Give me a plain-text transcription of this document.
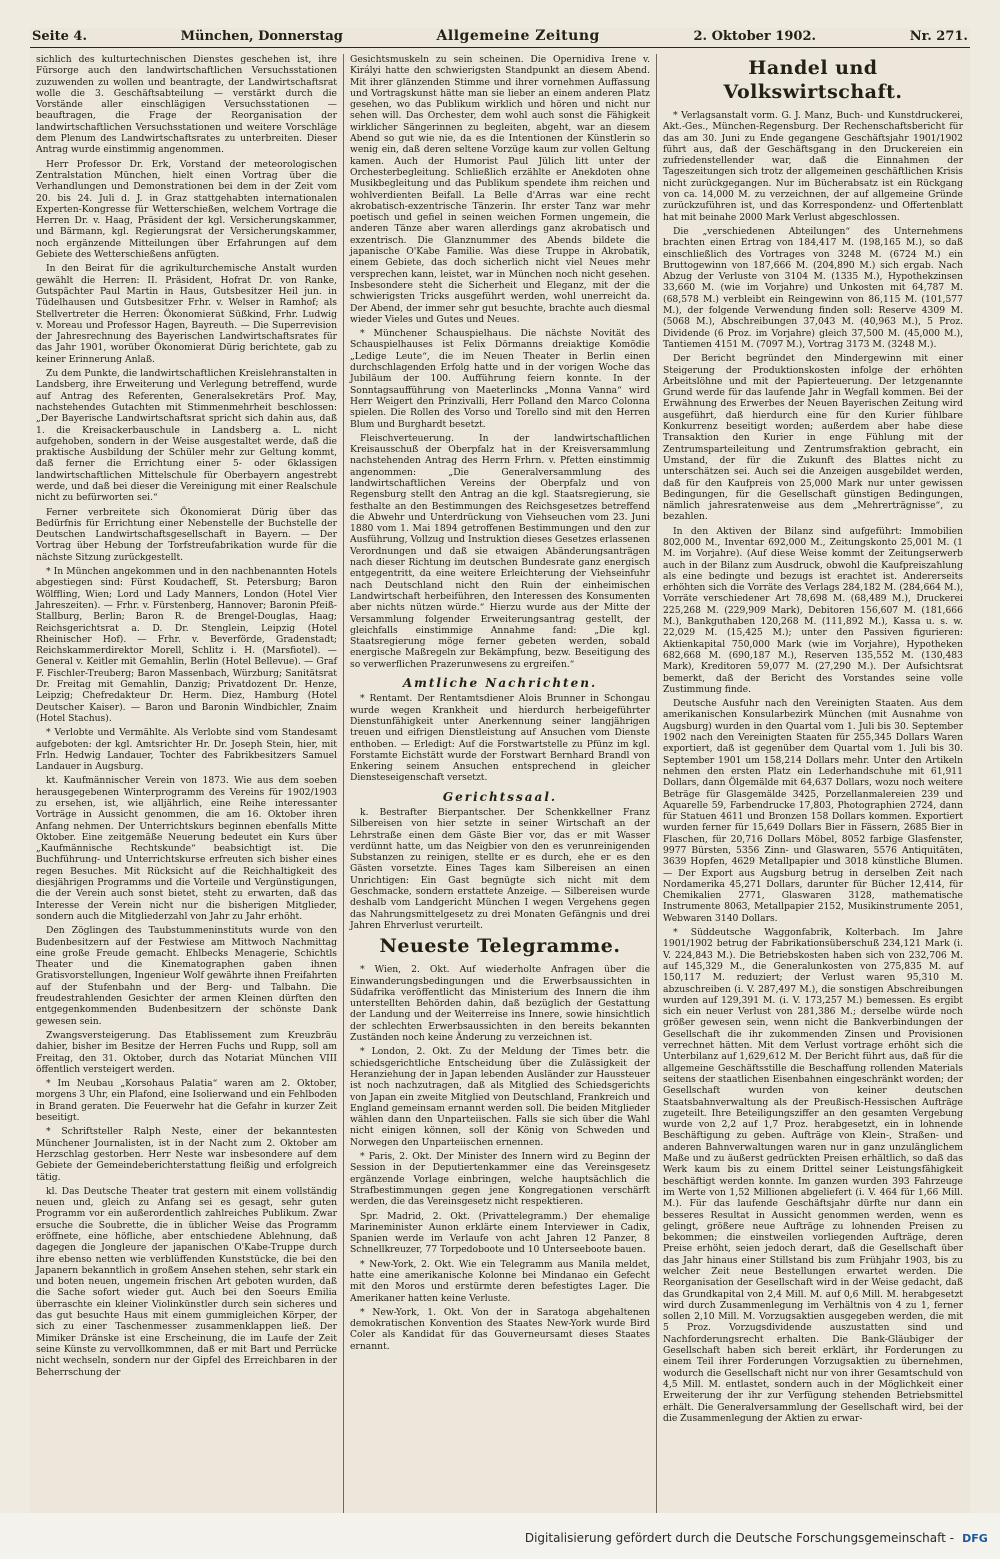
Seite 4.	München, Donnerstag	Allgemeine Zeitung	2. Oktober 1902.	Nr. 271.

sichlich des kulturtechnischen Dienstes geschehen ist, ihre Fürsorge auch den landwirtschaftlichen Versuchsstationen zuzuwenden zu wollen und beantragte, der Landwirtschaftsrat wolle die 3. Geschäftsabteilung — verstärkt durch die Vorstände aller einschlägigen Versuchsstationen — beauftragen, die Frage der Reorganisation der landwirtschaftlichen Versuchsstationen und weitere Vorschläge dem Plenum des Landwirtschaftsrates zu unterbreiten. Dieser Antrag wurde einstimmig angenommen.

Herr Professor Dr. Erk, Vorstand der meteorologischen Zentralstation München, hielt einen Vortrag über die Verhandlungen und Demonstrationen bei dem in der Zeit vom 20. bis 24. Juli d. J. in Graz stattgehabten internationalen Experten-Kongresse für Wetterschießen, welchem Vortrage die Herren Dr. v. Haag, Präsident der kgl. Versicherungskammer, und Bärmann, kgl. Regierungsrat der Versicherungskammer, noch ergänzende Mitteilungen über Erfahrungen auf dem Gebiete des Wetterschießens anfügten.

In den Beirat für die agrikulturchemische Anstalt wurden gewählt die Herren: II. Präsident, Hofrat Dr. von Ranke, Gutspächter Paul Martin in Haus, Gutsbesitzer Heil jun. in Tüdelhausen und Gutsbesitzer Frhr. v. Welser in Ramhof; als Stellvertreter die Herren: Ökonomierat Süßkind, Frhr. Ludwig v. Moreau und Professor Hagen, Bayreuth. — Die Superrevision der Jahresrechnung des Bayerischen Landwirtschaftsrates für das Jahr 1901, worüber Ökonomierat Dürig berichtete, gab zu keiner Erinnerung Anlaß.

Zu dem Punkte, die landwirtschaftlichen Kreislehranstalten in Landsberg, ihre Erweiterung und Verlegung betreffend, wurde auf Antrag des Referenten, Generalsekretärs Prof. May, nachstehendes Gutachten mit Stimmenmehrheit beschlossen: „Der Bayerische Landwirtschaftsrat spricht sich dahin aus, daß 1. die Kreisackerbauschule in Landsberg a. L. nicht aufgehoben, sondern in der Weise ausgestaltet werde, daß die praktische Ausbildung der Schüler mehr zur Geltung kommt, daß ferner die Errichtung einer 5- oder 6klassigen landwirtschaftlichen Mittelschule für Oberbayern angestrebt werde, und daß bei dieser die Vereinigung mit einer Realschule nicht zu befürworten sei.“

Ferner verbreitete sich Ökonomierat Dürig über das Bedürfnis für Errichtung einer Nebenstelle der Buchstelle der Deutschen Landwirtschaftsgesellschaft in Bayern. — Der Vortrag über Hebung der Torfstreufabrikation wurde für die nächste Sitzung zurückgestellt.

* In München angekommen und in den nachbenannten Hotels abgestiegen sind: Fürst Koudacheff, St. Petersburg; Baron Wölffling, Wien; Lord und Lady Manners, London (Hotel Vier Jahreszeiten). — Frhr. v. Fürstenberg, Hannover; Baronin Pfeiß-Stallburg, Berlin; Baron R. de Brengel-Douglas, Haag; Reichsgerichtsrat a. D. Dr. Stenglein, Leipzig (Hotel Rheinischer Hof). — Frhr. v. Beverförde, Gradenstadt; Reichskammerdirektor Morell, Schlitz i. H. (Marsfiotel). — General v. Keitler mit Gemahlin, Berlin (Hotel Bellevue). — Graf F. Fischler-Treuberg; Baron Massenbach, Würzburg; Sanitätsrat Dr. Freitag mit Gemahlin, Danzig; Privatdozent Dr. Henze, Leipzig; Chefredakteur Dr. Herm. Diez, Hamburg (Hotel Deutscher Kaiser). — Baron und Baronin Windbichler, Znaim (Hotel Stachus).

* Verlobte und Vermählte. Als Verlobte sind vom Standesamt aufgeboten: der kgl. Amtsrichter Hr. Dr. Joseph Stein, hier, mit Frln. Hedwig Landauer, Tochter des Fabrikbesitzers Samuel Landauer in Augsburg.

kt. Kaufmännischer Verein von 1873. Wie aus dem soeben herausgegebenen Winterprogramm des Vereins für 1902/1903 zu ersehen, ist, wie alljährlich, eine Reihe interessanter Vorträge in Aussicht genommen, die am 16. Oktober ihren Anfang nehmen. Der Unterrichtskurs beginnen ebenfalls Mitte Oktober. Eine zeitgemäße Neuerung bedeutet ein Kurs über „Kaufmännische Rechtskunde“ beabsichtigt ist. Die Buchführung- und Unterrichtskurse erfreuten sich bisher eines regen Besuches. Mit Rücksicht auf die Reichhaltigkeit des diesjährigen Programms und die Vorteile und Vergünstigungen, die der Verein auch sonst bietet, steht zu erwarten, daß das Interesse der Verein nicht nur die bisherigen Mitglieder, sondern auch die Mitgliederzahl von Jahr zu Jahr erhöht.

Den Zöglingen des Taubstummeninstituts wurde von den Budenbesitzern auf der Festwiese am Mittwoch Nachmittag eine große Freude gemacht. Ehlbecks Menagerie, Schichtls Theater und die Kinematographen gaben ihnen Gratisvorstellungen, Ingenieur Wolf gewährte ihnen Freifahrten auf der Stufenbahn und der Berg- und Talbahn. Die freudestrahlenden Gesichter der armen Kleinen dürften den entgegenkommenden Budenbesitzern der schönste Dank gewesen sein.

Zwangsversteigerung. Das Etablissement zum Kreuzbräu dahier, bisher im Besitze der Herren Fuchs und Rupp, soll am Freitag, den 31. Oktober, durch das Notariat München VIII öffentlich versteigert werden.

* Im Neubau „Korsohaus Palatia“ waren am 2. Oktober, morgens 3 Uhr, ein Plafond, eine Isolierwand und ein Fehlboden in Brand geraten. Die Feuerwehr hat die Gefahr in kurzer Zeit beseitigt.

* Schriftsteller Ralph Neste, einer der bekanntesten Münchener Journalisten, ist in der Nacht zum 2. Oktober am Herzschlag gestorben. Herr Neste war insbesondere auf dem Gebiete der Gemeindeberichterstattung fleißig und erfolgreich tätig.

kl. Das Deutsche Theater trat gestern mit einem vollständig neuen und, gleich zu Anfang sei es gesagt, sehr guten Programm vor ein außerordentlich zahlreiches Publikum. Zwar ersuche die Soubrette, die in üblicher Weise das Programm eröffnete, eine höfliche, aber entschiedene Ablehnung, daß dagegen die Jongleure der japanischen O'Kabe-Truppe durch ihre ebenso netten wie verblüffenden Kunststücke, die bei den Japanern bekanntlich in großem Ansehen stehen, sehr stark ein und boten neuen, ungemein frischen Art geboten wurden, daß die Sache sofort wieder gut. Auch bei den Soeurs Emilia überraschte ein kleiner Violinkünstler durch sein sicheres und das gut besuchte Haus mit einem gummigleichen Körper, der sich zu einer Taschenmesser zusammenklappen ließ. Der Mimiker Dränske ist eine Erscheinung, die im Laufe der Zeit seine Künste zu vervollkommnen, daß er mit Bart und Perrücke nicht wechseln, sondern nur der Gipfel des Erreichbaren in der Beherrschung der

Gesichtsmuskeln zu sein scheinen. Die Opernidiva Irene v. Királyi hatte den schwierigsten Standpunkt an diesem Abend. Mit ihrer glänzenden Stimme und ihrer vornehmen Auffassung und Vortragskunst hätte man sie lieber an einem anderen Platz gesehen, wo das Publikum wirklich und hören und nicht nur sehen will. Das Orchester, dem wohl auch sonst die Fähigkeit wirklicher Sängerinnen zu begleiten, abgeht, war an diesem Abend so gut wie nie, da es die Intentionen der Künstlerin so wenig ein, daß deren seltene Vorzüge kaum zur vollen Geltung kamen. Auch der Humorist Paul Jülich litt unter der Orchesterbegleitung. Schließlich erzählte er Anekdoten ohne Musikbegleitung und das Publikum spendete ihm reichen und wohlverdienten Beifall. La Belle d'Arras war eine recht akrobatisch-exzentrische Tänzerin. Ihr erster Tanz war mehr poetisch und gefiel in seinen weichen Formen ungemein, die anderen Tänze aber waren allerdings ganz akrobatisch und exzentrisch. Die Glanznummer des Abends bildete die japanische O'Kabe Familie. Was diese Truppe in Akrobatik, einem Gebiete, das doch sicherlich nicht viel Neues mehr versprechen kann, leistet, war in München noch nicht gesehen. Insbesondere steht die Sicherheit und Eleganz, mit der die schwierigsten Tricks ausgeführt werden, wohl unerreicht da. Der Abend, der immer sehr gut besuchte, brachte auch diesmal wieder Vieles und Gutes und Neues.

* Münchener Schauspielhaus. Die nächste Novität des Schauspielhauses ist Felix Dörmanns dreiaktige Komödie „Ledige Leute“, die im Neuen Theater in Berlin einen durchschlagenden Erfolg hatte und in der vorigen Woche das Jubiläum der 100. Aufführung feiern konnte. In der Sonntagsaufführung von Maeterlincks „Monna Vanna“ wird Herr Weigert den Prinzivalli, Herr Polland den Marco Colonna spielen. Die Rollen des Vorso und Torello sind mit den Herren Blum und Burghardt besetzt.

Fleischverteuerung. In der landwirtschaftlichen Kreisausschuß der Oberpfalz hat in der Kreisversammlung nachstehenden Antrag des Herrn Frhrn. v. Pfetten einstimmig angenommen: „Die Generalversammlung des landwirtschaftlichen Vereins der Oberpfalz und von Regensburg stellt den Antrag an die kgl. Staatsregierung, sie festhalte an den Bestimmungen des Reichsgesetzes betreffend die Abwehr und Unterdrückung von Viehseuchen vom 23. Juni 1880 vom 1. Mai 1894 getroffenen Bestimmungen und den zur Ausführung, Vollzug und Instruktion dieses Gesetzes erlassenen Verordnungen und daß sie etwaigen Abänderungsanträgen nach dieser Richtung im deutschen Bundesrate ganz energisch entgegentritt, da eine weitere Erleichterung der Viehseinfuhr nach Deutschland nicht den Ruin der einheimischen Landwirtschaft herbeiführen, den Interessen des Konsumenten aber nichts nützen würde.“ Hierzu wurde aus der Mitte der Versammlung folgender Erweiterungsantrag gestellt, der gleichfalls einstimmige Annahme fand: „Die kgl. Staatsregierung möge ferner gebeten werden, sobald energische Maßregeln zur Bekämpfung, bezw. Beseitigung des so verwerflichen Prazerunwesens zu ergreifen.“

Amtliche Nachrichten.

* Rentamt. Der Rentamtsdiener Alois Brunner in Schongau wurde wegen Krankheit und hierdurch herbeigeführter Dienstunfähigkeit unter Anerkennung seiner langjährigen treuen und eifrigen Dienstleistung auf Ansuchen vom Dienste enthoben. — Erledigt: Auf die Forstwartstelle zu Pfünz im kgl. Forstamte Eichstätt wurde der Forstwart Bernhard Brandl von Enkering seinem Ansuchen entsprechend in gleicher Diensteseigenschaft versetzt.

Gerichtssaal.

k. Bestrafter Bierpantscher. Der Schenkkellner Franz Silbereisen von hier setzte in seiner Wirtschaft an der Lehrstraße einen dem Gäste Bier vor, das er mit Wasser verdünnt hatte, um das Neigbier von den es verunreinigenden Substanzen zu reinigen, stellte er es durch, ehe er es den Gästen vorsetzte. Eines Tages kam Silbereisen an einen Unrichtigen: Ein Gast begnügte sich nicht mit dem Geschmacke, sondern erstattete Anzeige. — Silbereisen wurde deshalb vom Landgericht München I wegen Vergehens gegen das Nahrungsmittelgesetz zu drei Monaten Gefängnis und drei Jahren Ehrverlust verurteilt.

Neueste Telegramme.

* Wien, 2. Okt. Auf wiederholte Anfragen über die Einwanderungsbedingungen und die Erwerbsaussichten in Südafrika veröffentlicht das Ministerium des Innern die ihm unterstellten Behörden dahin, daß bezüglich der Gestattung der Landung und der Weiterreise ins Innere, sowie hinsichtlich der schlechten Erwerbsaussichten in den bereits bekannten Zuständen noch keine Änderung zu verzeichnen ist.

* London, 2. Okt. Zu der Meldung der Times betr. die schiedsgerichtliche Entscheidung über die Zulässigkeit der Heranziehung der in Japan lebenden Ausländer zur Haussteuer ist noch nachzutragen, daß als Mitglied des Schiedsgerichts von Japan ein zweite Mitglied von Deutschland, Frankreich und England gemeinsam ernannt werden soll. Die beiden Mitglieder wählen dann den Unparteiischen. Falls sie sich über die Wahl nicht einigen können, soll der König von Schweden und Norwegen den Unparteiischen ernennen.

* Paris, 2. Okt. Der Minister des Innern wird zu Beginn der Session in der Deputiertenkammer eine das Vereinsgesetz ergänzende Vorlage einbringen, welche hauptsächlich die Strafbestimmungen gegen jene Kongregationen verschärft werden, die das Vereinsgesetz nicht respektieren.

Spr. Madrid, 2. Okt. (Privattelegramm.) Der ehemalige Marineminister Aunon erklärte einem Interviewer in Cadix, Spanien werde im Verlaufe von acht Jahren 12 Panzer, 8 Schnellkreuzer, 77 Torpedoboote und 10 Unterseeboote bauen.

* New-York, 2. Okt. Wie ein Telegramm aus Manila meldet, hatte eine amerikanische Kolonne bei Mindanao ein Gefecht mit den Moros und erstürmte deren befestigtes Lager. Die Amerikaner hatten keine Verluste.

* New-York, 1. Okt. Von der in Saratoga abgehaltenen demokratischen Konvention des Staates New-York wurde Bird Coler als Kandidat für das Gouverneursamt dieses Staates ernannt.

Handel und Volkswirtschaft.

* Verlagsanstalt vorm. G. J. Manz, Buch- und Kunstdruckerei, Akt.-Ges., München-Regensburg. Der Rechenschaftsbericht für das am 30. Juni zu Ende gegangene Geschäftsjahr 1901/1902 führt aus, daß der Geschäftsgang in den Druckereien ein zufriedenstellender war, daß die Einnahmen der Tageszeitungen sich trotz der allgemeinen geschäftlichen Krisis nicht zurückgegangen. Nur im Bücherabsatz ist ein Rückgang von ca. 14,000 M. zu verzeichnen, der auf allgemeine Gründe zurückzuführen ist, und das Korrespondenz- und Offertenblatt hat mit beinahe 2000 Mark Verlust abgeschlossen.

Die „verschiedenen Abteilungen“ des Unternehmens brachten einen Ertrag von 184,417 M. (198,165 M.), so daß einschließlich des Vortrages von 3248 M. (6724 M.) ein Bruttogewinn von 187,666 M. (204,890 M.) sich ergab. Nach Abzug der Verluste von 3104 M. (1335 M.), Hypothekzinsen 33,660 M. (wie im Vorjahre) und Unkosten mit 64,787 M. (68,578 M.) verbleibt ein Reingewinn von 86,115 M. (101,577 M.), der folgende Verwendung finden soll: Reserve 4309 M. (5068 M.), Abschreibungen 37,043 M. (40,963 M.), 5 Proz. Dividende (6 Proz. im Vorjahre) gleich 37,500 M. (45,000 M.), Tantiemen 4151 M. (7097 M.), Vortrag 3173 M. (3248 M.).

Der Bericht begründet den Mindergewinn mit einer Steigerung der Produktionskosten infolge der erhöhten Arbeitslöhne und mit der Papierteuerung. Der letzgenannte Grund werde für das laufende Jahr in Wegfall kommen. Bei der Erwähnung des Erwerbes der Neuen Bayerischen Zeitung wird ausgeführt, daß hierdurch eine für den Kurier fühlbare Konkurrenz beseitigt worden; außerdem aber habe diese Transaktion den Kurier in enge Fühlung mit der Zentrumsparteileitung und Zentrumsfraktion gebracht, ein Umstand, der für die Zukunft des Blattes nicht zu unterschätzen sei. Auch sei die Anzeigen ausgebildet werden, daß für den Kaufpreis von 25,000 Mark nur unter gewissen Bedingungen, für die Gesellschaft günstigen Bedingungen, nämlich jahresratenweise aus dem „Mehrerträgnisse“, zu bezahlen.

In den Aktiven der Bilanz sind aufgeführt: Immobilien 802,000 M., Inventar 692,000 M., Zeitungskonto 25,001 M. (1 M. im Vorjahre). (Auf diese Weise kommt der Zeitungserwerb auch in der Bilanz zum Ausdruck, obwohl die Kaufpreiszahlung als eine bedingte und bezugs ist erachtet ist. Andererseits erhöhten sich die Vorräte des Verlags 284,182 M. (284,664 M.), Vorräte verschiedener Art 78,698 M. (68,489 M.), Druckerei 225,268 M. (229,909 Mark), Debitoren 156,607 M. (181,666 M.), Bankguthaben 120,268 M. (111,892 M.), Kassa u. s. w. 22,029 M. (15,425 M.); unter den Passiven figurieren: Aktienkapital 750,000 Mark (wie im Vorjahre), Hypotheken 682,668 M. (690,187 M.), Reserven 135,552 M. (130,483 Mark), Kreditoren 59,077 M. (27,290 M.). Der Aufsichtsrat bemerkt, daß der Bericht des Vorstandes seine volle Zustimmung finde.

Deutsche Ausfuhr nach den Vereinigten Staaten. Aus dem amerikanischen Konsularbezirk München (mit Ausnahme von Augsburg) wurden in den Quartal vom 1. Juli bis 30. September 1902 nach den Vereinigten Staaten für 255,345 Dollars Waren exportiert, daß ist gegenüber dem Quartal vom 1. Juli bis 30. September 1901 um 158,214 Dollars mehr. Unter den Artikeln nehmen den ersten Platz ein Lederhandschuhe mit 61,911 Dollars, dann Ölgemälde mit 64,637 Dollars, wozu noch weitere Beträge für Glasgemälde 3425, Porzellanmalereien 239 und Aquarelle 59, Farbendrucke 17,803, Photographien 2724, dann für Statuen 4611 und Bronzen 158 Dollars kommen. Exportiert wurden ferner für 15,649 Dollars Bier in Fässern, 2685 Bier in Flaschen, für 20,716 Dollars Möbel, 8052 farbige Glasfenster, 9977 Bürsten, 5356 Zinn- und Glaswaren, 5576 Antiquitäten, 3639 Hopfen, 4629 Metallpapier und 3018 künstliche Blumen. — Der Export aus Augsburg betrug in derselben Zeit nach Nordamerika 45,271 Dollars, darunter für Bücher 12,414, für Chemikalien 2771, Glaswaren 3128, mathematische Instrumente 8063, Metallpapier 2152, Musikinstrumente 2051, Webwaren 3140 Dollars.

* Süddeutsche Waggonfabrik, Kolterbach. Im Jahre 1901/1902 betrug der Fabrikationsüberschuß 234,121 Mark (i. V. 224,843 M.). Die Betriebskosten haben sich von 232,706 M. auf 145,329 M., die Generalunkosten von 275,835 M. auf 150,117 M. reduziert; der Verlust waren 95,310 M. abzuschreiben (i. V. 287,497 M.), die sonstigen Abschreibungen wurden auf 129,391 M. (i. V. 173,257 M.) bemessen. Es ergibt sich ein neuer Verlust von 281,386 M.; derselbe würde noch größer gewesen sein, wenn nicht die Bankverbindungen der Gesellschaft die ihr zukommenden Zinsen und Provisionen verrechnet hätten. Mit dem Verlust vortrage erhöht sich die Unterbilanz auf 1,629,612 M. Der Bericht führt aus, daß für die allgemeine Geschäftsstille die Beschaffung rollenden Materials seitens der staatlichen Eisenbahnen eingeschränkt worden; der Gesellschaft wurden von keiner deutschen Staatsbahnverwaltung als der Preußisch-Hessischen Aufträge zugeteilt. Ihre Beteiligungsziffer an den gesamten Vergebung wurde von 2,2 auf 1,7 Proz. herabgesetzt, ein in lohnende Beschäftigung zu geben. Aufträge von Klein-, Straßen- und anderen Bahnverwaltungen waren nur in ganz unzulänglichem Maße und zu äußerst gedrückten Preisen erhältlich, so daß das Werk kaum bis zu einem Drittel seiner Leistungsfähigkeit beschäftigt werden konnte. Im ganzen wurden 393 Fahrzeuge im Werte von 1,52 Millionen abgeliefert (i. V. 464 für 1,66 Mill. M.). Für das laufende Geschäftsjahr dürfte nur dann ein besseres Resultat in Aussicht genommen werden, wenn es gelingt, größere neue Aufträge zu lohnenden Preisen zu bekommen; die einstweilen vorliegenden Aufträge, deren Preise erhöht, seien jedoch derart, daß die Gesellschaft über das Jahr hinaus einer Stillstand bis zum Frühjahr 1903, bis zu welcher Zeit neue Bestellungen erwartet werden. Die Reorganisation der Gesellschaft wird in der Weise gedacht, daß das Grundkapital von 2,4 Mill. M. auf 0,6 Mill. M. herabgesetzt wird durch Zusammenlegung im Verhältnis von 4 zu 1, ferner sollen 2,10 Mill. M. Vorzugsaktien ausgegeben werden, die mit 5 Proz. Vorzugsdividende auszustatten sind und Nachforderungsrecht erhalten. Die Bank-Gläubiger der Gesellschaft haben sich bereit erklärt, ihr Forderungen zu einem Teil ihrer Forderungen Vorzugsaktien zu übernehmen, wodurch die Gesellschaft nicht nur von ihrer Gesamtschuld von 4,5 Mill. M. entlastet, sondern auch in der Möglichkeit einer Erweiterung der ihr zur Verfügung stehenden Betriebsmittel erhält. Die Generalversammlung der Gesellschaft wird, bei der die Zusammenlegung der Aktien zu erwar-

Digitalisierung gefördert durch die Deutsche Forschungsgemeinschaft - DFG
